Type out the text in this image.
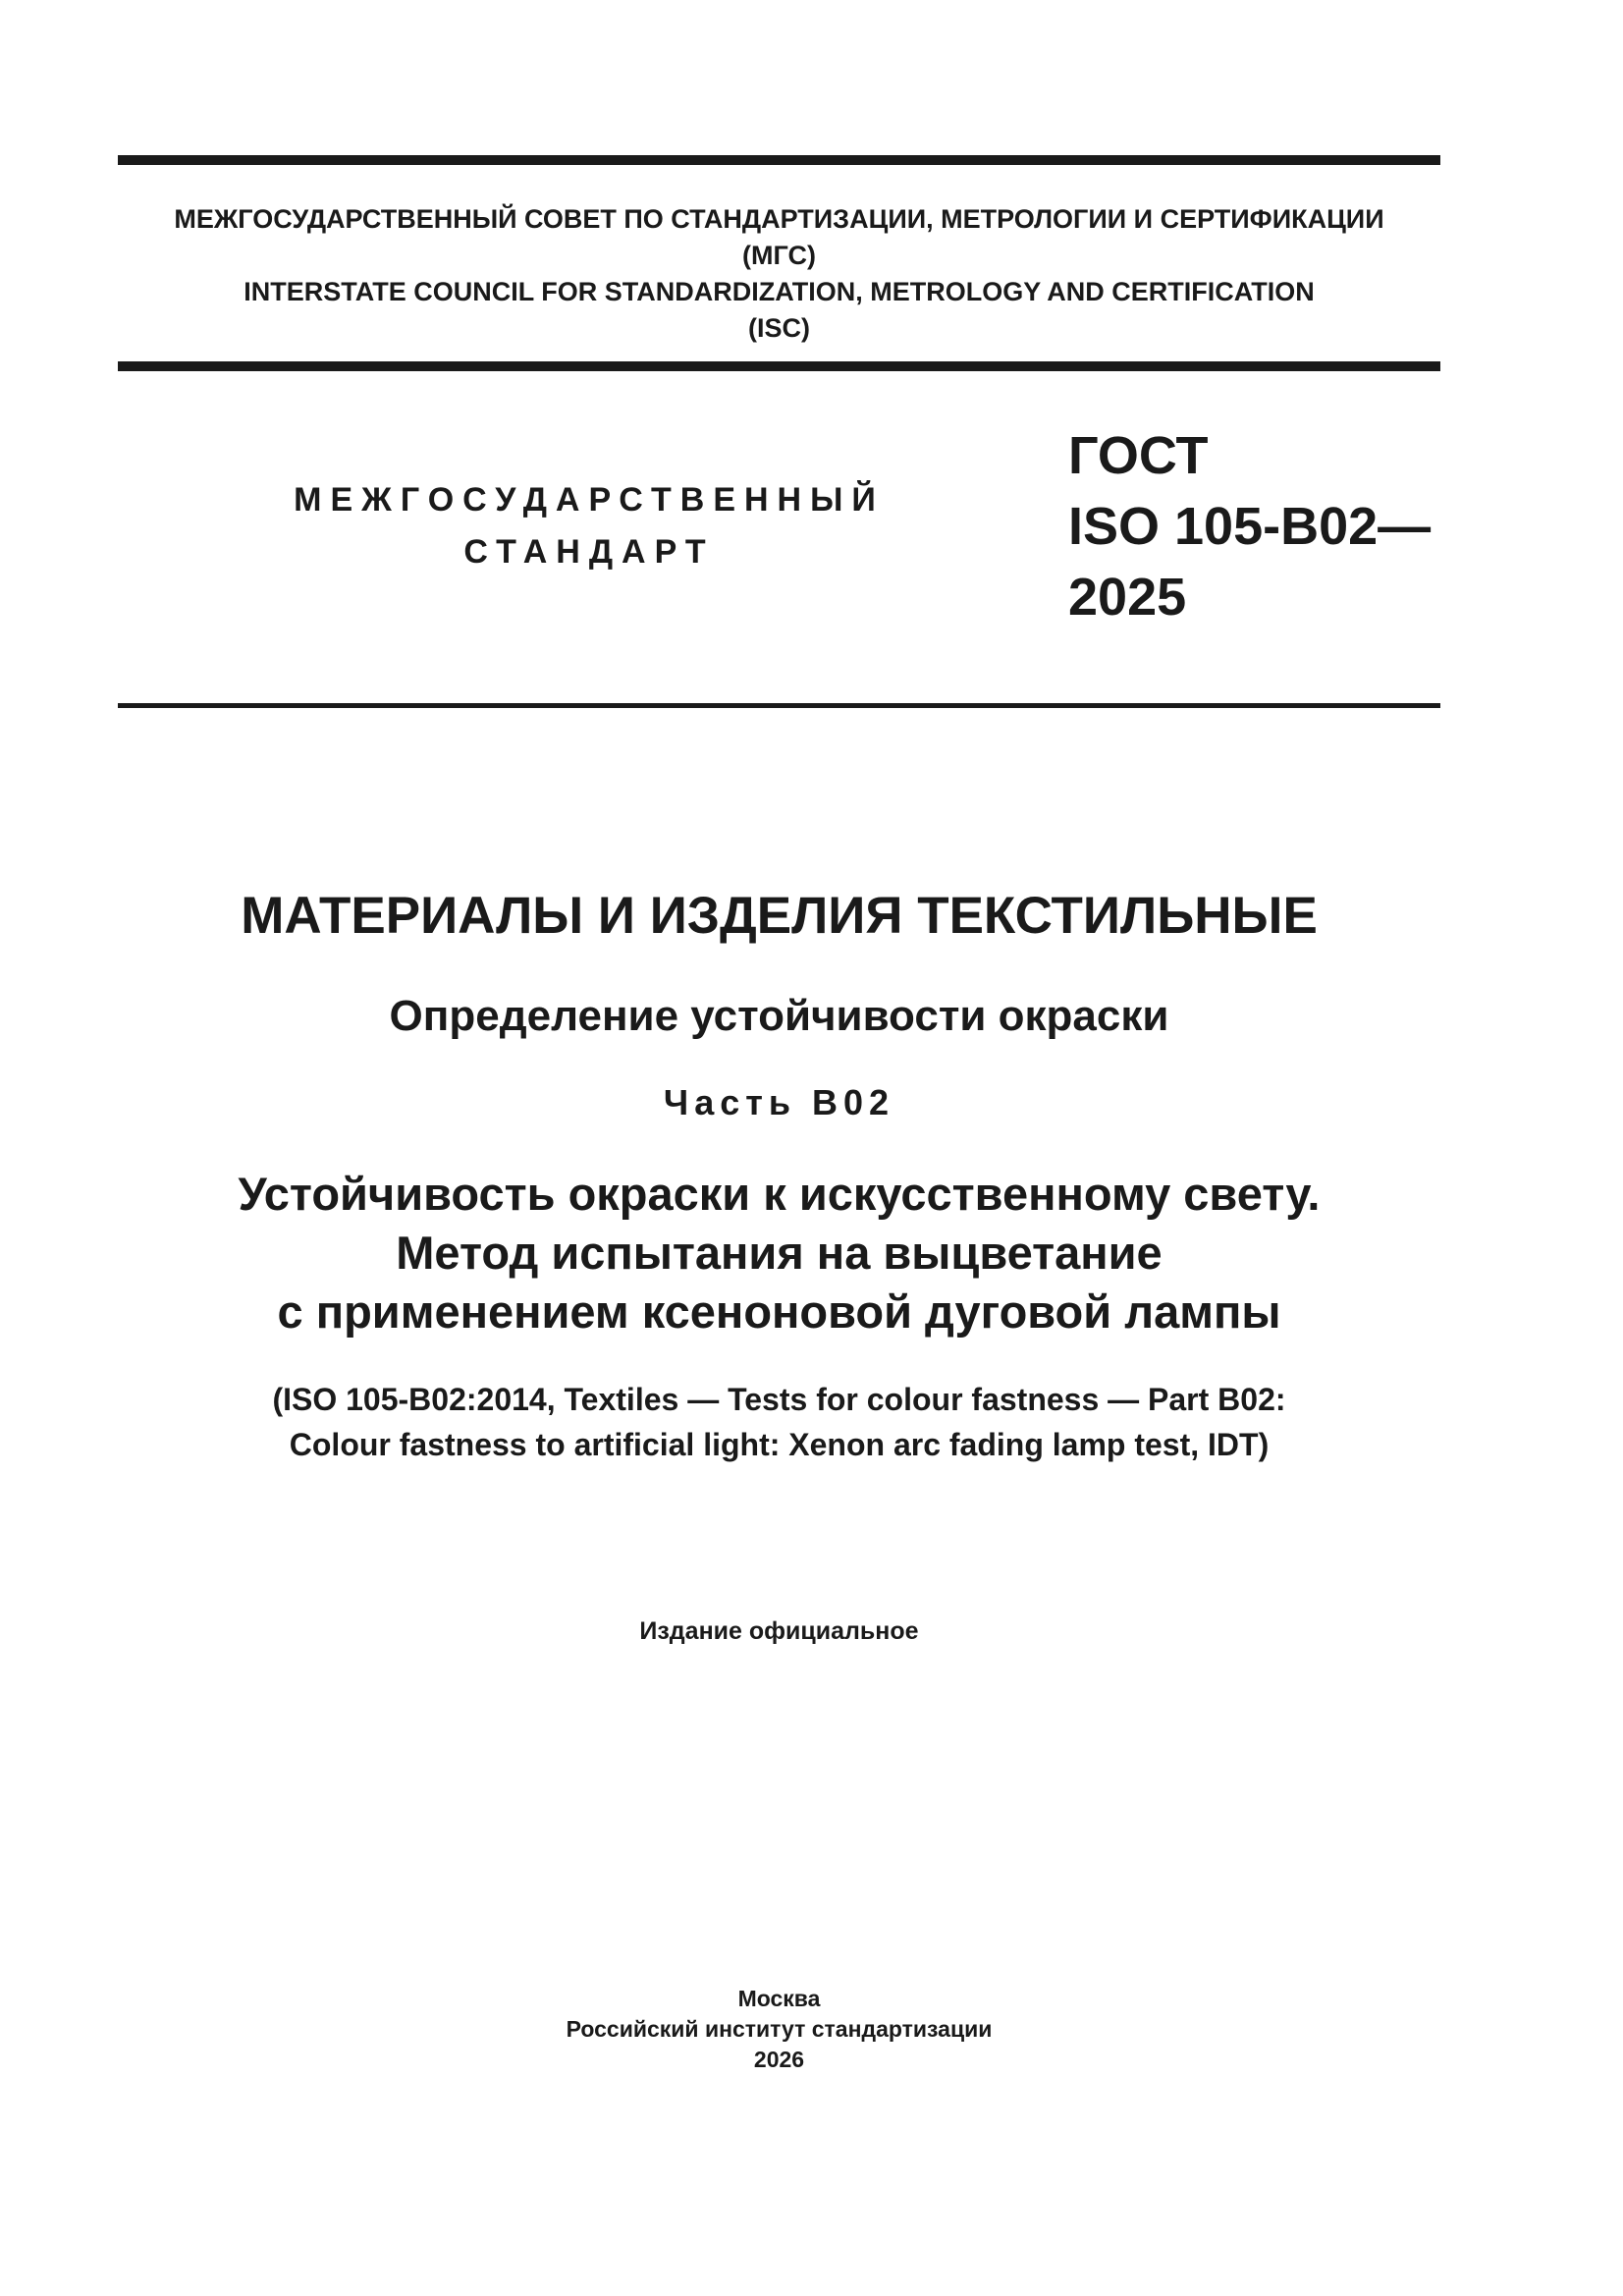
МЕЖГОСУДАРСТВЕННЫЙ СОВЕТ ПО СТАНДАРТИЗАЦИИ, МЕТРОЛОГИИ И СЕРТИФИКАЦИИ
(МГС)
INTERSTATE COUNCIL FOR STANDARDIZATION, METROLOGY AND CERTIFICATION
(ISC)
МЕЖГОСУДАРСТВЕННЫЙ
СТАНДАРТ
ГОСТ
ISO 105-B02—
2025
МАТЕРИАЛЫ И ИЗДЕЛИЯ ТЕКСТИЛЬНЫЕ
Определение устойчивости окраски
Часть В02
Устойчивость окраски к искусственному свету.
Метод испытания на выцветание
с применением ксеноновой дуговой лампы
(ISO 105-B02:2014, Textiles — Tests for colour fastness — Part B02:
Colour fastness to artificial light: Xenon arc fading lamp test, IDT)
Издание официальное
Москва
Российский институт стандартизации
2026
